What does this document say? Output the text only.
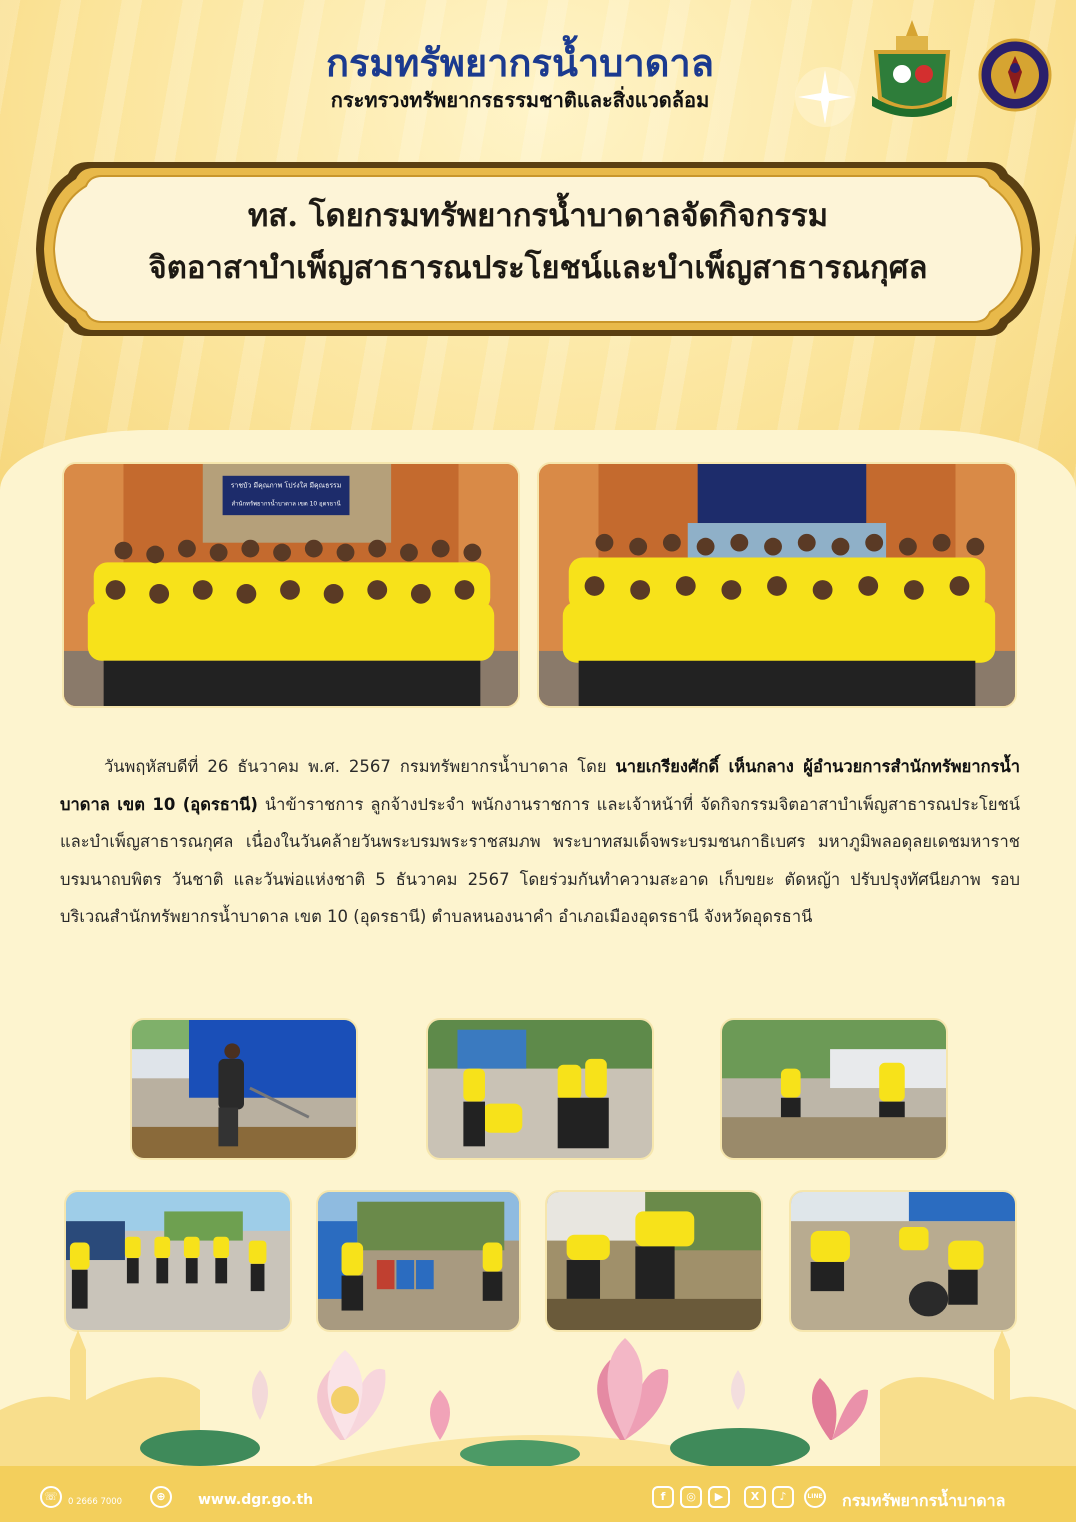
กรมทรัพยากรน้ำบาดาล
กระทรวงทรัพยากรธรรมชาติและสิ่งแวดล้อม
ทส. โดยกรมทรัพยากรน้ำบาดาลจัดกิจกรรม
จิตอาสาบำเพ็ญสาธารณประโยชน์และบำเพ็ญสาธารณกุศล
ราชบัว มีคุณภาพ โปร่งใส มีคุณธรรม
สำนักทรัพยากรน้ำบาดาล เขต 10 อุดรธานี

วันพฤหัสบดีที่ 26 ธันวาคม พ.ศ. 2567 กรมทรัพยากรน้ำบาดาล โดย นายเกรียงศักดิ์ เห็นกลาง ผู้อำนวยการสำนักทรัพยากรน้ำบาดาล เขต 10 (อุดรธานี) นำข้าราชการ ลูกจ้างประจำ พนักงานราชการ และเจ้าหน้าที่ จัดกิจกรรมจิตอาสาบำเพ็ญสาธารณประโยชน์และบำเพ็ญสาธารณกุศล เนื่องในวันคล้ายวันพระบรมพระราชสมภพ พระบาทสมเด็จพระบรมชนกาธิเบศร มหาภูมิพลอดุลยเดชมหาราช บรมนาถบพิตร วันชาติ และวันพ่อแห่งชาติ 5 ธันวาคม 2567 โดยร่วมกันทำความสะอาด เก็บขยะ ตัดหญ้า ปรับปรุงทัศนียภาพ รอบบริเวณสำนักทรัพยากรน้ำบาดาล เขต 10 (อุดรธานี) ตำบลหนองนาคำ อำเภอเมืองอุดรธานี จังหวัดอุดรธานี

☏	0 2666 7000	⊕	www.dgr.go.th	f	◎	▶	X	♪	LINE กรมทรัพยากรน้ำบาดาล
